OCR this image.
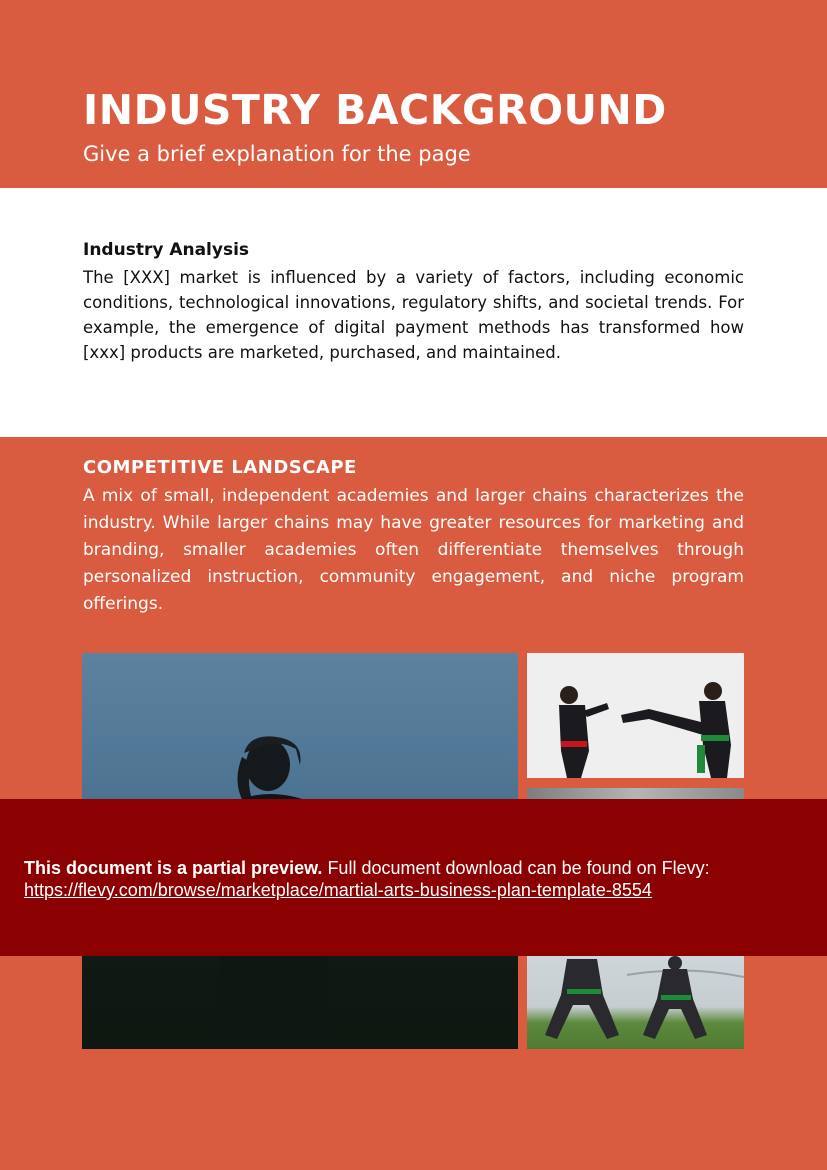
INDUSTRY BACKGROUND

Give a brief explanation for the page

Industry Analysis

The [XXX] market is influenced by a variety of factors, including economic conditions, technological innovations, regulatory shifts, and societal trends. For example, the emergence of digital payment methods has transformed how [xxx] products are marketed, purchased, and maintained.

COMPETITIVE LANDSCAPE

A mix of small, independent academies and larger chains characterizes the industry. While larger chains may have greater resources for marketing and branding, smaller academies often differentiate themselves through personalized instruction, community engagement, and niche program offerings.

This document is a partial preview. Full document download can be found on Flevy:
https://flevy.com/browse/marketplace/martial-arts-business-plan-template-8554
